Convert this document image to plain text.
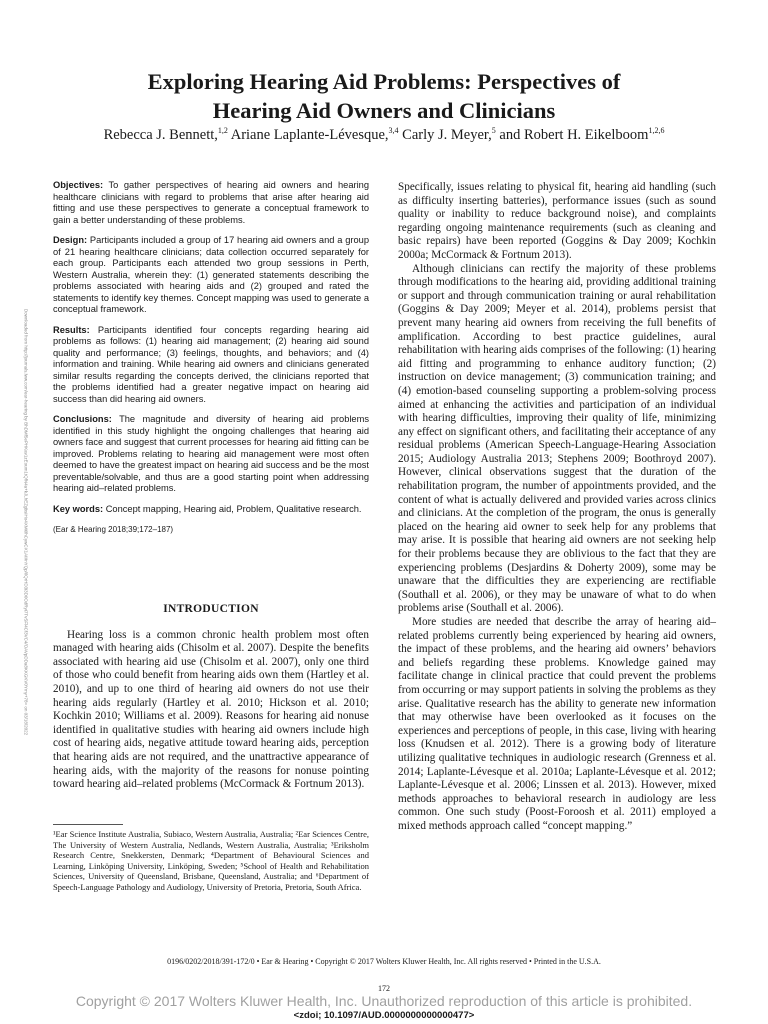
Exploring Hearing Aid Problems: Perspectives of
Hearing Aid Owners and Clinicians
Rebecca J. Bennett,$^{1,2}$ Ariane Laplante-Lévesque,$^{3,4}$ Carly J. Meyer,$^5$ and Robert H. Eikelboom$^{1,2,6}$
Downloaded from http://journals.lww.com/ear-hearing by BhDMf5ePHKav1zEoum1tQfN4a+kJLhEZgbsIHo4XMi0hCywCX1AWnYQp/IlQrHD3i3D0OdRyi7TvSFl4Cf3VC4/OAVpDDa8KKGKV0Ymy+78= on 03/18/2022

Objectives: To gather perspectives of hearing aid owners and hearing healthcare clinicians with regard to problems that arise after hearing aid fitting and use these perspectives to generate a conceptual framework to gain a better understanding of these problems.

Design: Participants included a group of 17 hearing aid owners and a group of 21 hearing healthcare clinicians; data collection occurred separately for each group. Participants each attended two group sessions in Perth, Western Australia, wherein they: (1) generated statements describing the problems associated with hearing aids and (2) grouped and rated the statements to identify key themes. Concept mapping was used to generate a conceptual framework.

Results: Participants identified four concepts regarding hearing aid problems as follows: (1) hearing aid management; (2) hearing aid sound quality and performance; (3) feelings, thoughts, and behaviors; and (4) information and training. While hearing aid owners and clinicians generated similar results regarding the concepts derived, the clinicians reported that the problems identified had a greater negative impact on hearing aid success than did hearing aid owners.

Conclusions: The magnitude and diversity of hearing aid problems identified in this study highlight the ongoing challenges that hearing aid owners face and suggest that current processes for hearing aid fitting can be improved. Problems relating to hearing aid management were most often deemed to have the greatest impact on hearing aid success and be the most preventable/solvable, and thus are a good starting point when addressing hearing aid–related problems.

Key words: Concept mapping, Hearing aid, Problem, Qualitative research.

(Ear & Hearing 2018;39;172–187)
INTRODUCTION

Hearing loss is a common chronic health problem most often managed with hearing aids (Chisolm et al. 2007). Despite the benefits associated with hearing aid use (Chisolm et al. 2007), only one third of those who could benefit from hearing aids own them (Hartley et al. 2010), and up to one third of hearing aid owners do not use their hearing aids regularly (Hartley et al. 2010; Hickson et al. 2010; Kochkin 2010; Williams et al. 2009). Reasons for hearing aid nonuse identified in qualitative studies with hearing aid owners include high cost of hearing aids, negative attitude toward hearing aids, perception that hearing aids are not required, and the unattractive appearance of hearing aids, with the majority of the reasons for nonuse pointing toward hearing aid–related problems (McCormack & Fortnum 2013).

¹Ear Science Institute Australia, Subiaco, Western Australia, Australia; ²Ear Sciences Centre, The University of Western Australia, Nedlands, Western Australia, Australia; ³Eriksholm Research Centre, Snekkersten, Denmark; ⁴Department of Behavioural Sciences and Learning, Linköping University, Linköping, Sweden; ⁵School of Health and Rehabilitation Sciences, University of Queensland, Brisbane, Queensland, Australia; and ⁶Department of Speech-Language Pathology and Audiology, University of Pretoria, Pretoria, South Africa.

Specifically, issues relating to physical fit, hearing aid handling (such as difficulty inserting batteries), performance issues (such as sound quality or inability to reduce background noise), and complaints regarding ongoing maintenance requirements (such as cleaning and basic repairs) have been reported (Goggins & Day 2009; Kochkin 2000a; McCormack & Fortnum 2013).

Although clinicians can rectify the majority of these problems through modifications to the hearing aid, providing additional training or support and through communication training or aural rehabilitation (Goggins & Day 2009; Meyer et al. 2014), problems persist that prevent many hearing aid owners from receiving the full benefits of amplification. According to best practice guidelines, aural rehabilitation with hearing aids comprises of the following: (1) hearing aid fitting and programming to enhance auditory function; (2) instruction on device management; (3) communication training; and (4) emotion-based counseling supporting a problem-solving process aimed at enhancing the activities and participation of an individual with hearing difficulties, improving their quality of life, minimizing any effect on significant others, and facilitating their acceptance of any residual problems (American Speech-Language-Hearing Association 2015; Audiology Australia 2013; Stephens 2009; Boothroyd 2007). However, clinical observations suggest that the duration of the rehabilitation program, the number of appointments provided, and the content of what is actually delivered and provided varies across clinics and clinicians. At the completion of the program, the onus is generally placed on the hearing aid owner to seek help for any problems that may arise. It is possible that hearing aid owners are not seeking help for their problems because they are oblivious to the fact that they are experiencing problems (Desjardins & Doherty 2009), some may be unaware that the difficulties they are experiencing are rectifiable (Southall et al. 2006), or they may be unaware of what to do when problems arise (Southall et al. 2006).

More studies are needed that describe the array of hearing aid–related problems currently being experienced by hearing aid owners, the impact of these problems, and the hearing aid owners’ behaviors and beliefs regarding these problems. Knowledge gained may facilitate change in clinical practice that could prevent the problems from occurring or may support patients in solving the problems as they arise. Qualitative research has the ability to generate new information that may otherwise have been overlooked as it focuses on the experiences and perceptions of people, in this case, living with hearing loss (Knudsen et al. 2012). There is a growing body of literature utilizing qualitative techniques in audiologic research (Grenness et al. 2014; Laplante-Lévesque et al. 2010a; Laplante-Lévesque et al. 2012; Laplante-Lévesque et al. 2006; Linssen et al. 2013). However, mixed methods approaches to behavioral research in audiology are less common. One such study (Poost-Foroosh et al. 2011) employed a mixed methods approach called “concept mapping.”

0196/0202/2018/391-172/0 • Ear & Hearing • Copyright © 2017 Wolters Kluwer Health, Inc. All rights reserved • Printed in the U.S.A.
172
Copyright © 2017 Wolters Kluwer Health, Inc. Unauthorized reproduction of this article is prohibited.
<zdoi; 10.1097/AUD.0000000000000477>
